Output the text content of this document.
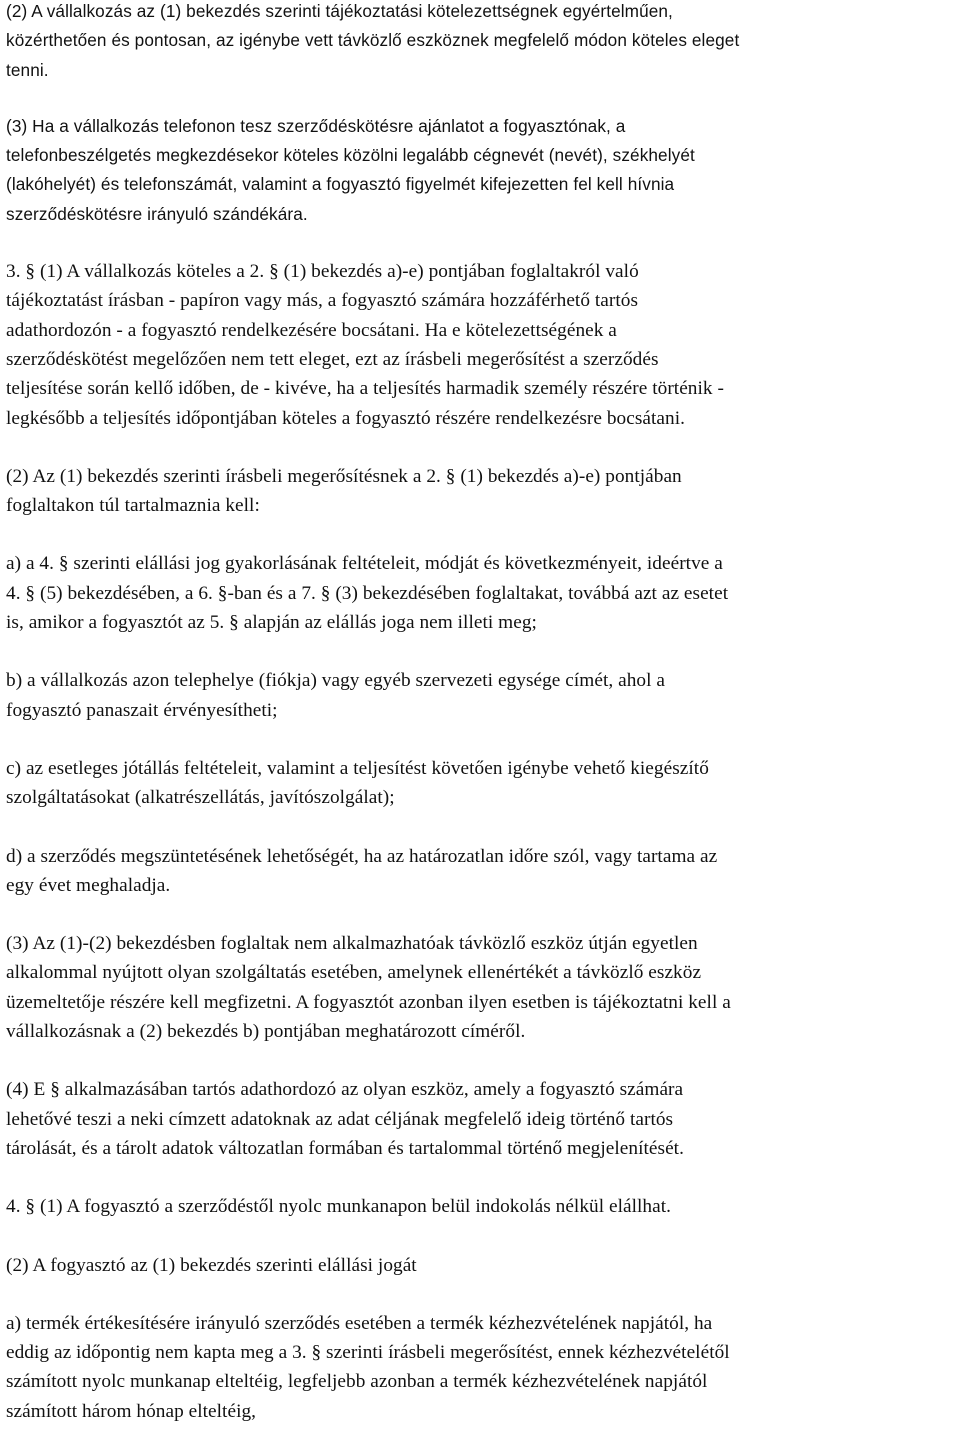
(2) A vállalkozás az (1) bekezdés szerinti tájékoztatási kötelezettségnek egyértelműen,
közérthetően és pontosan, az igénybe vett távközlő eszköznek megfelelő módon köteles eleget
tenni.

(3) Ha a vállalkozás telefonon tesz szerződéskötésre ajánlatot a fogyasztónak, a
telefonbeszélgetés megkezdésekor köteles közölni legalább cégnevét (nevét), székhelyét
(lakóhelyét) és telefonszámát, valamint a fogyasztó figyelmét kifejezetten fel kell hívnia
szerződéskötésre irányuló szándékára.

3. § (1) A vállalkozás köteles a 2. § (1) bekezdés a)-e) pontjában foglaltakról való
tájékoztatást írásban - papíron vagy más, a fogyasztó számára hozzáférhető tartós
adathordozón - a fogyasztó rendelkezésére bocsátani. Ha e kötelezettségének a
szerződéskötést megelőzően nem tett eleget, ezt az írásbeli megerősítést a szerződés
teljesítése során kellő időben, de - kivéve, ha a teljesítés harmadik személy részére történik -
legkésőbb a teljesítés időpontjában köteles a fogyasztó részére rendelkezésre bocsátani.

(2) Az (1) bekezdés szerinti írásbeli megerősítésnek a 2. § (1) bekezdés a)-e) pontjában
foglaltakon túl tartalmaznia kell:

a) a 4. § szerinti elállási jog gyakorlásának feltételeit, módját és következményeit, ideértve a
4. § (5) bekezdésében, a 6. §-ban és a 7. § (3) bekezdésében foglaltakat, továbbá azt az esetet
is, amikor a fogyasztót az 5. § alapján az elállás joga nem illeti meg;

b) a vállalkozás azon telephelye (fiókja) vagy egyéb szervezeti egysége címét, ahol a
fogyasztó panaszait érvényesítheti;

c) az esetleges jótállás feltételeit, valamint a teljesítést követően igénybe vehető kiegészítő
szolgáltatásokat (alkatrészellátás, javítószolgálat);

d) a szerződés megszüntetésének lehetőségét, ha az határozatlan időre szól, vagy tartama az
egy évet meghaladja.

(3) Az (1)-(2) bekezdésben foglaltak nem alkalmazhatóak távközlő eszköz útján egyetlen
alkalommal nyújtott olyan szolgáltatás esetében, amelynek ellenértékét a távközlő eszköz
üzemeltetője részére kell megfizetni. A fogyasztót azonban ilyen esetben is tájékoztatni kell a
vállalkozásnak a (2) bekezdés b) pontjában meghatározott címéről.

(4) E § alkalmazásában tartós adathordozó az olyan eszköz, amely a fogyasztó számára
lehetővé teszi a neki címzett adatoknak az adat céljának megfelelő ideig történő tartós
tárolását, és a tárolt adatok változatlan formában és tartalommal történő megjelenítését.

4. § (1) A fogyasztó a szerződéstől nyolc munkanapon belül indokolás nélkül elállhat.

(2) A fogyasztó az (1) bekezdés szerinti elállási jogát

a) termék értékesítésére irányuló szerződés esetében a termék kézhezvételének napjától, ha
eddig az időpontig nem kapta meg a 3. § szerinti írásbeli megerősítést, ennek kézhezvételétől
számított nyolc munkanap elteltéig, legfeljebb azonban a termék kézhezvételének napjától
számított három hónap elteltéig,
